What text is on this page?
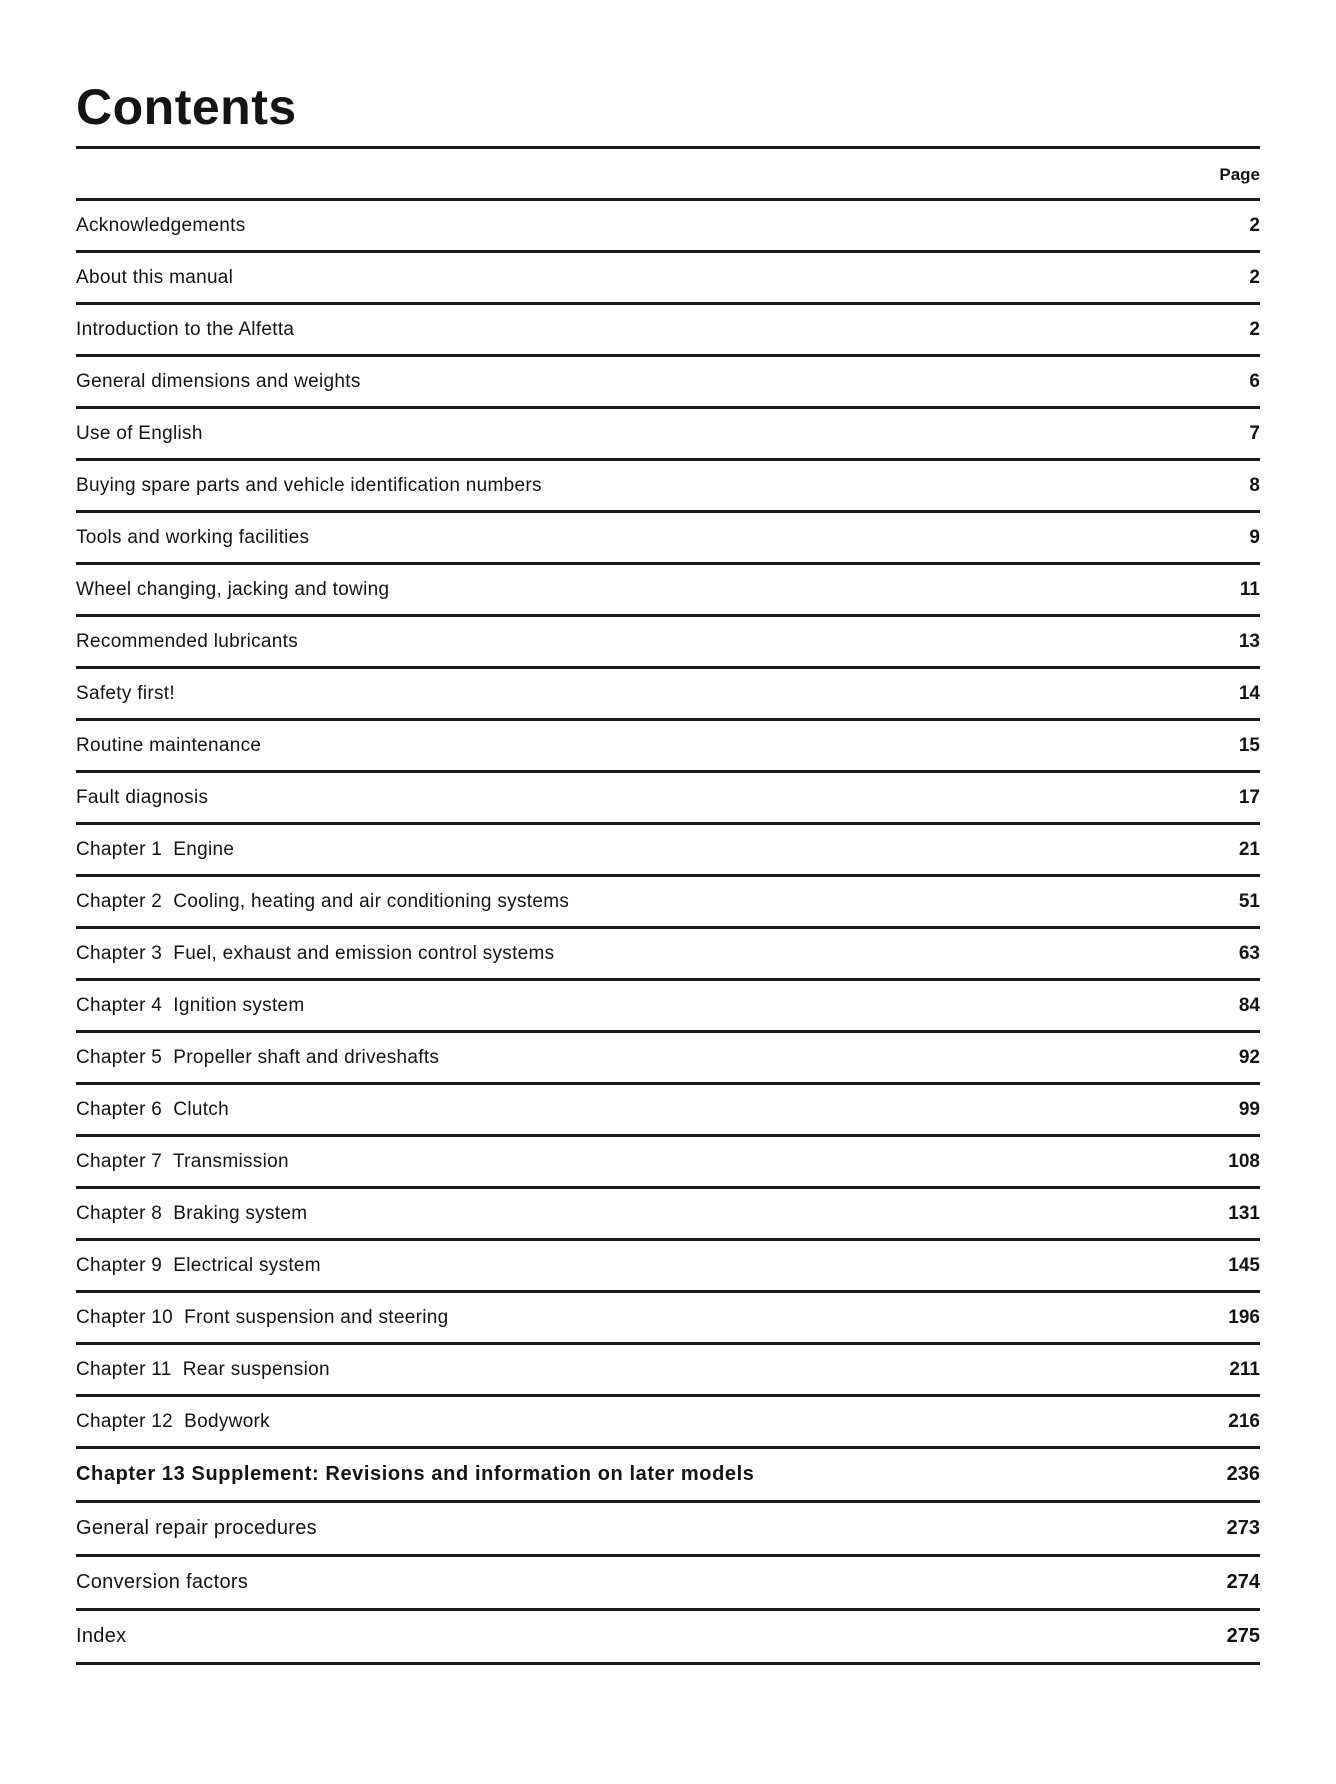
Contents
Page
Acknowledgements	2
About this manual	2
Introduction to the Alfetta	2
General dimensions and weights	6
Use of English	7
Buying spare parts and vehicle identification numbers	8
Tools and working facilities	9
Wheel changing, jacking and towing	11
Recommended lubricants	13
Safety first!	14
Routine maintenance	15
Fault diagnosis	17
Chapter 1  Engine	21
Chapter 2  Cooling, heating and air conditioning systems	51
Chapter 3  Fuel, exhaust and emission control systems	63
Chapter 4  Ignition system	84
Chapter 5  Propeller shaft and driveshafts	92
Chapter 6  Clutch	99
Chapter 7  Transmission	108
Chapter 8  Braking system	131
Chapter 9  Electrical system	145
Chapter 10  Front suspension and steering	196
Chapter 11  Rear suspension	211
Chapter 12  Bodywork	216
Chapter 13 Supplement: Revisions and information on later models	236
General repair procedures	273
Conversion factors	274
Index	275
